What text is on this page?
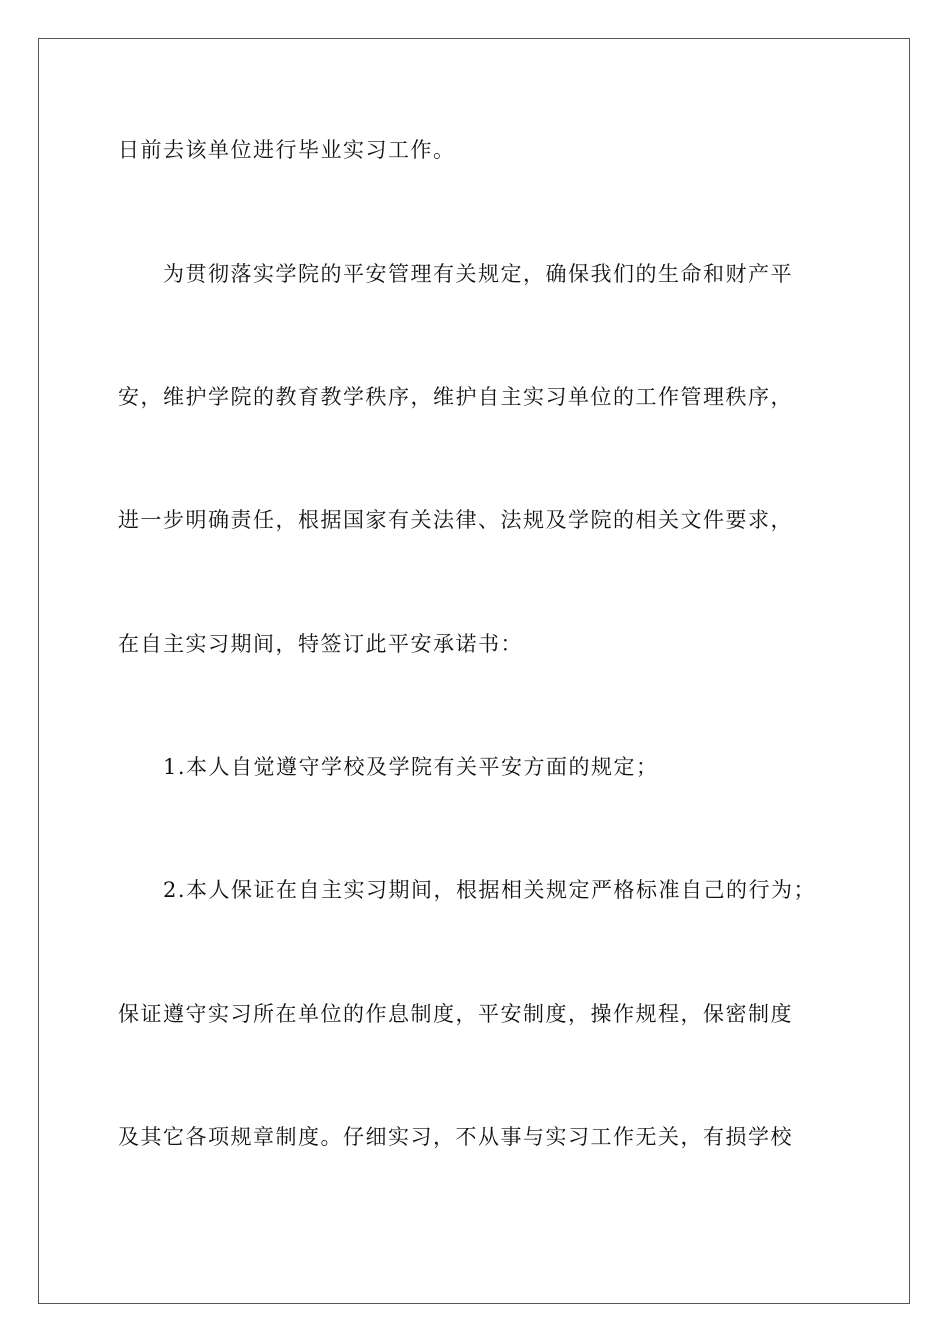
日前去该单位进行毕业实习工作。
　　为贯彻落实学院的平安管理有关规定，确保我们的生命和财产平
安，维护学院的教育教学秩序，维护自主实习单位的工作管理秩序，
进一步明确责任，根据国家有关法律、法规及学院的相关文件要求，
在自主实习期间，特签订此平安承诺书：
　　1.本人自觉遵守学校及学院有关平安方面的规定；
　　2.本人保证在自主实习期间，根据相关规定严格标准自己的行为；
保证遵守实习所在单位的作息制度，平安制度，操作规程，保密制度
及其它各项规章制度。仔细实习，不从事与实习工作无关，有损学校
